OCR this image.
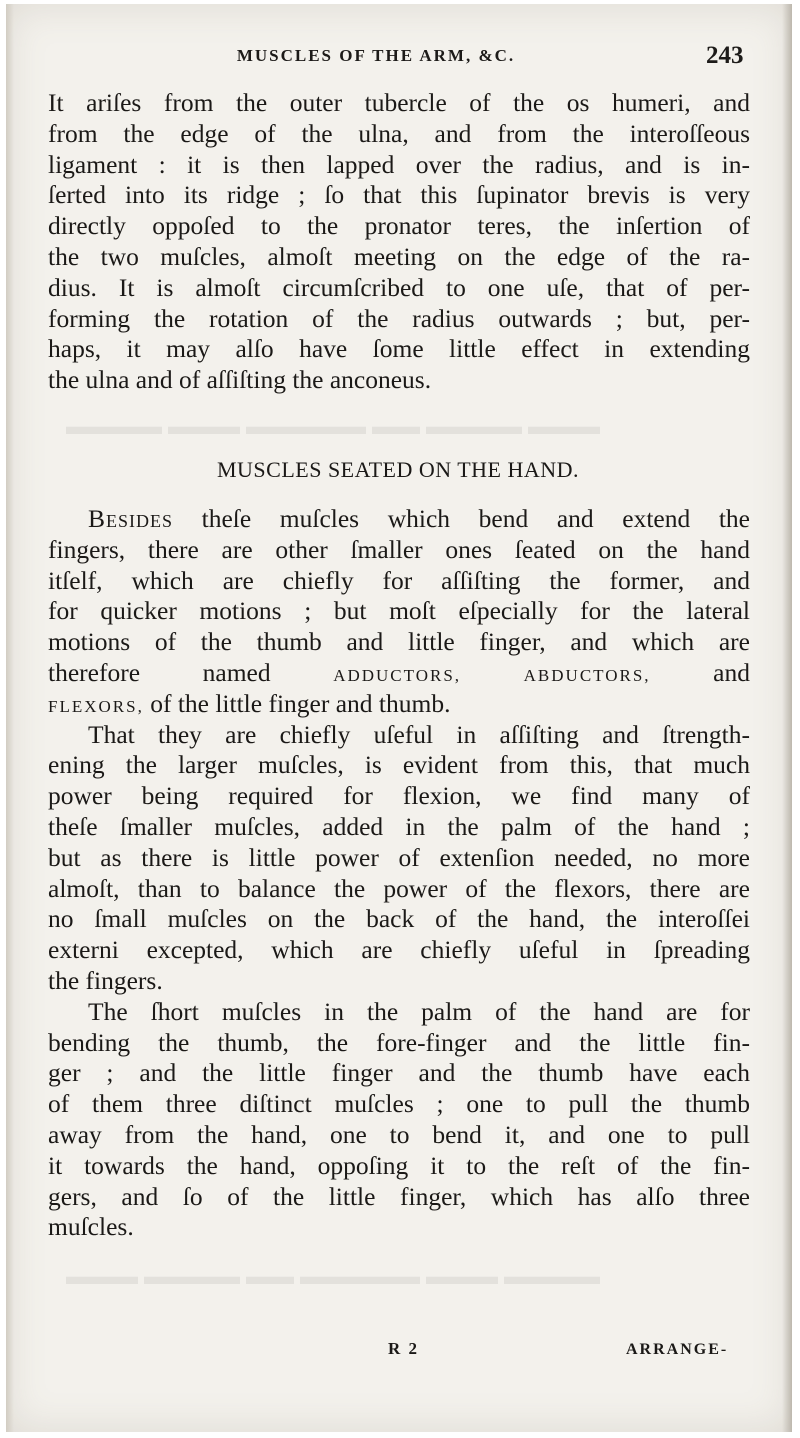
▬▬▬ ▬▬▬▬ ▬▬ ▬▬▬▬▬ ▬▬▬ ▬▬▬▬
▬▬▬▬ ▬▬▬ ▬▬▬▬▬ ▬▬ ▬▬▬▬ ▬▬▬
MUSCLES OF THE ARM, &C.	243
It ariſes from the outer tubercle of the os humeri, and
from the edge of the ulna, and from the interoſſeous
ligament : it is then lapped over the radius, and is in-
ſerted into its ridge ; ſo that this ſupinator brevis is very
directly oppoſed to the pronator teres, the inſertion of
the two muſcles, almoſt meeting on the edge of the ra-
dius. It is almoſt circumſcribed to one uſe, that of per-
forming the rotation of the radius outwards ; but, per-
haps, it may alſo have ſome little effect in extending
the ulna and of aſſiſting the anconeus.
MUSCLES SEATED ON THE HAND.
Besides theſe muſcles which bend and extend the
fingers, there are other ſmaller ones ſeated on the hand
itſelf, which are chiefly for aſſiſting the former, and
for quicker motions ; but moſt eſpecially for the lateral
motions of the thumb and little finger, and which are
therefore named	ADDUCTORS,	ABDUCTORS, and
FLEXORS, of the little finger and thumb.
That they are chiefly uſeful in aſſiſting and ſtrength-
ening the larger muſcles, is evident from this, that much
power being required for flexion, we find many of
theſe ſmaller muſcles, added in the palm of the hand ;
but as there is little power of extenſion needed, no more
almoſt, than to balance the power of the flexors, there are
no ſmall muſcles on the back of the hand, the interoſſei
externi excepted, which are chiefly uſeful in ſpreading
the fingers.
The ſhort muſcles in the palm of the hand are for
bending the thumb, the fore-finger and the little fin-
ger ; and the little finger and the thumb have each
of them three diſtinct muſcles ; one to pull the thumb
away from the hand, one to bend it, and one to pull
it towards the hand, oppoſing it to the reſt of the fin-
gers, and ſo of the little finger, which has alſo three
muſcles.
R 2	ARRANGE-
